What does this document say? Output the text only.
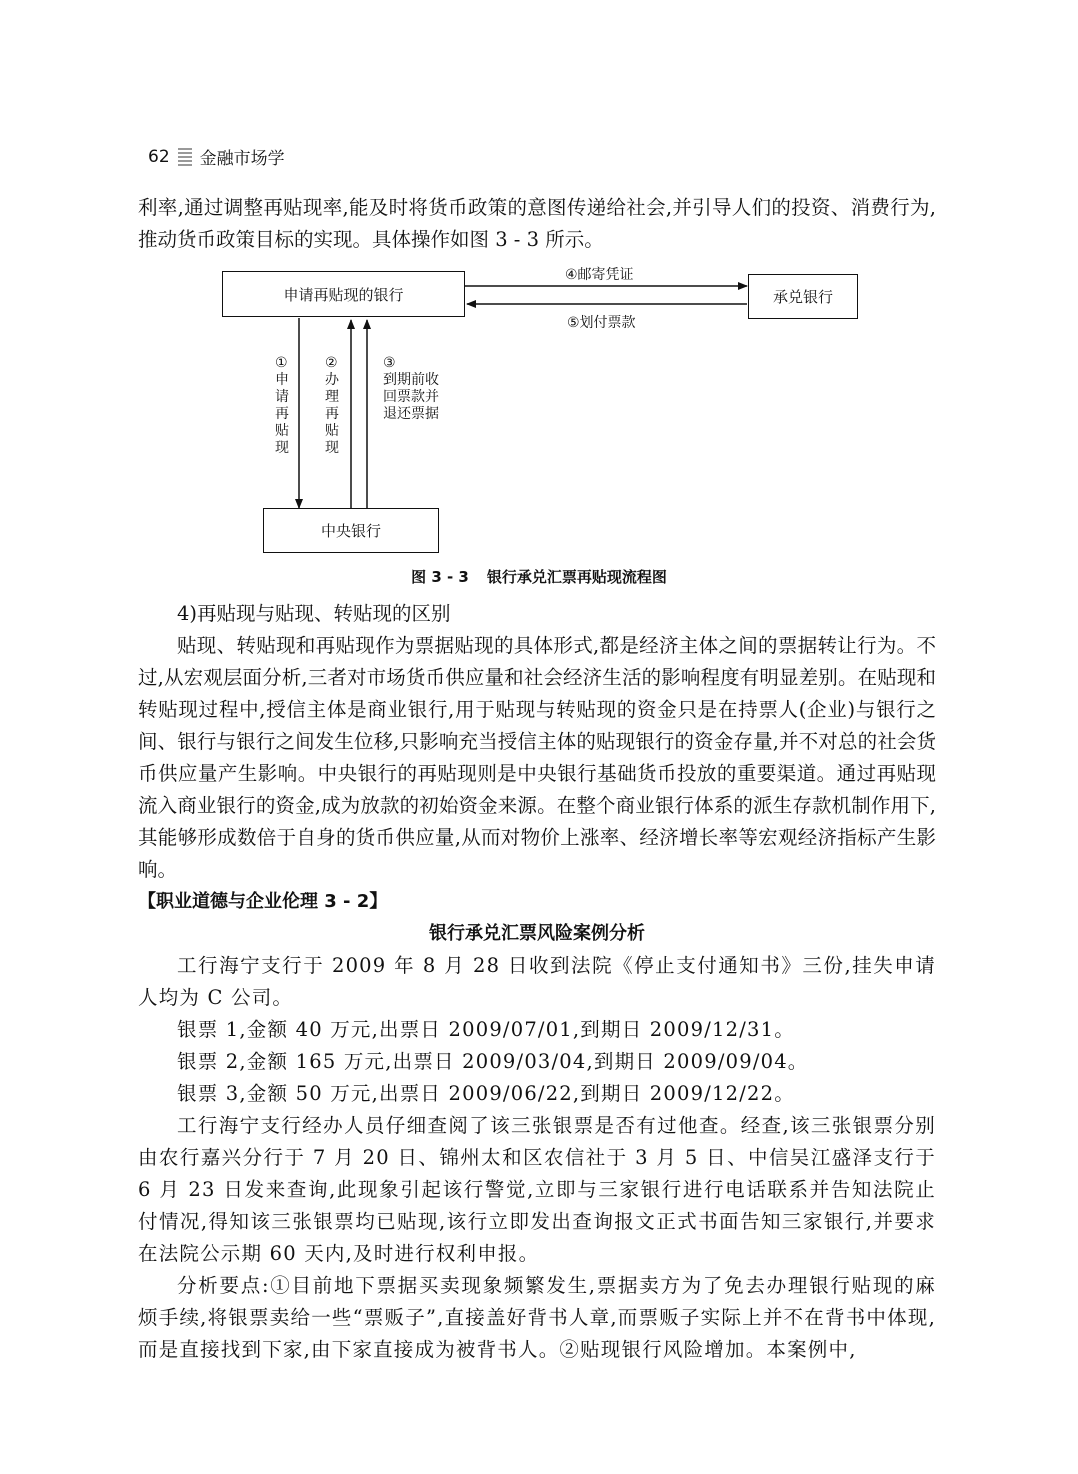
62 金融市场学

利率,通过调整再贴现率,能及时将货币政策的意图传递给社会,并引导人们的投资、消费行为,推动货币政策目标的实现。具体操作如图 3 - 3 所示。

申请再贴现的银行	承兑银行
中央银行
④邮寄凭证
⑤划付票款
①
申请再贴现
②
办理再贴现
③
到期前收回票款并退还票据
图 3 - 3 银行承兑汇票再贴现流程图

4)再贴现与贴现、转贴现的区别

贴现、转贴现和再贴现作为票据贴现的具体形式,都是经济主体之间的票据转让行为。不过,从宏观层面分析,三者对市场货币供应量和社会经济生活的影响程度有明显差别。在贴现和转贴现过程中,授信主体是商业银行,用于贴现与转贴现的资金只是在持票人(企业)与银行之间、银行与银行之间发生位移,只影响充当授信主体的贴现银行的资金存量,并不对总的社会货币供应量产生影响。中央银行的再贴现则是中央银行基础货币投放的重要渠道。通过再贴现流入商业银行的资金,成为放款的初始资金来源。在整个商业银行体系的派生存款机制作用下,其能够形成数倍于自身的货币供应量,从而对物价上涨率、经济增长率等宏观经济指标产生影响。

【职业道德与企业伦理 3 - 2】

银行承兑汇票风险案例分析

工行海宁支行于 2009 年 8 月 28 日收到法院《停止支付通知书》三份,挂失申请人均为 C 公司。

银票 1,金额 40 万元,出票日 2009/07/01,到期日 2009/12/31。

银票 2,金额 165 万元,出票日 2009/03/04,到期日 2009/09/04。

银票 3,金额 50 万元,出票日 2009/06/22,到期日 2009/12/22。

工行海宁支行经办人员仔细查阅了该三张银票是否有过他查。经查,该三张银票分别由农行嘉兴分行于 7 月 20 日、锦州太和区农信社于 3 月 5 日、中信吴江盛泽支行于 6 月 23 日发来查询,此现象引起该行警觉,立即与三家银行进行电话联系并告知法院止付情况,得知该三张银票均已贴现,该行立即发出查询报文正式书面告知三家银行,并要求在法院公示期 60 天内,及时进行权利申报。

分析要点:①目前地下票据买卖现象频繁发生,票据卖方为了免去办理银行贴现的麻烦手续,将银票卖给一些“票贩子”,直接盖好背书人章,而票贩子实际上并不在背书中体现,而是直接找到下家,由下家直接成为被背书人。②贴现银行风险增加。本案例中,
